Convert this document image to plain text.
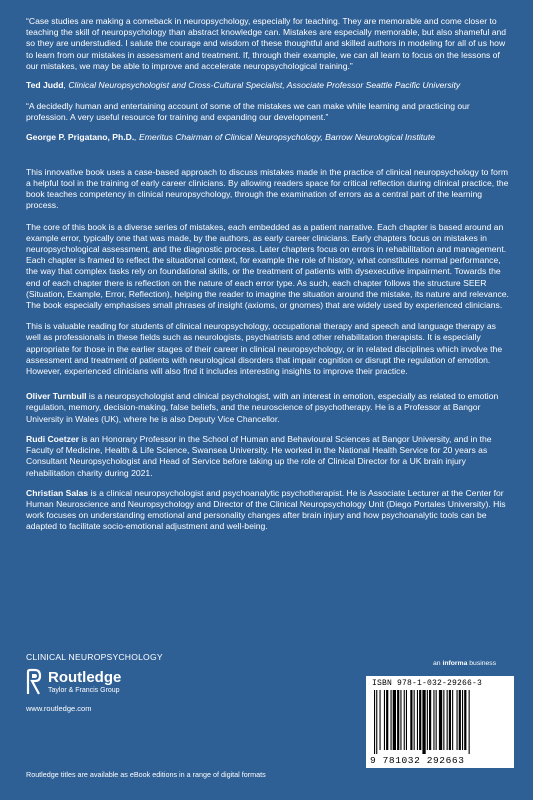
“Case studies are making a comeback in neuropsychology, especially for teaching. They are memorable and come closer to teaching the skill of neuropsychology than abstract knowledge can. Mistakes are especially memorable, but also shameful and so they are understudied. I salute the courage and wisdom of these thoughtful and skilled authors in modeling for all of us how to learn from our mistakes in assessment and treatment. If, through their example, we can all learn to focus on the lessons of our mistakes, we may be able to improve and accelerate neuropsychological training.”
Ted Judd, Clinical Neuropsychologist and Cross-Cultural Specialist, Associate Professor Seattle Pacific University
“A decidedly human and entertaining account of some of the mistakes we can make while learning and practicing our profession. A very useful resource for training and expanding our development.”
George P. Prigatano, Ph.D., Emeritus Chairman of Clinical Neuropsychology, Barrow Neurological Institute
This innovative book uses a case-based approach to discuss mistakes made in the practice of clinical neuropsychology to form a helpful tool in the training of early career clinicians. By allowing readers space for critical reflection during clinical practice, the book teaches competency in clinical neuropsychology, through the examination of errors as a central part of the learning process.
The core of this book is a diverse series of mistakes, each embedded as a patient narrative. Each chapter is based around an example error, typically one that was made, by the authors, as early career clinicians. Early chapters focus on mistakes in neuropsychological assessment, and the diagnostic process. Later chapters focus on errors in rehabilitation and management. Each chapter is framed to reflect the situational context, for example the role of history, what constitutes normal performance, the way that complex tasks rely on foundational skills, or the treatment of patients with dysexecutive impairment. Towards the end of each chapter there is reflection on the nature of each error type. As such, each chapter follows the structure SEER (Situation, Example, Error, Reflection), helping the reader to imagine the situation around the mistake, its nature and relevance. The book especially emphasises small phrases of insight (axioms, or gnomes) that are widely used by experienced clinicians.
This is valuable reading for students of clinical neuropsychology, occupational therapy and speech and language therapy as well as professionals in these fields such as neurologists, psychiatrists and other rehabilitation therapists. It is especially appropriate for those in the earlier stages of their career in clinical neuropsychology, or in related disciplines which involve the assessment and treatment of patients with neurological disorders that impair cognition or disrupt the regulation of emotion. However, experienced clinicians will also find it includes interesting insights to improve their practice.
Oliver Turnbull is a neuropsychologist and clinical psychologist, with an interest in emotion, especially as related to emotion regulation, memory, decision-making, false beliefs, and the neuroscience of psychotherapy. He is a Professor at Bangor University in Wales (UK), where he is also Deputy Vice Chancellor.
Rudi Coetzer is an Honorary Professor in the School of Human and Behavioural Sciences at Bangor University, and in the Faculty of Medicine, Health & Life Science, Swansea University. He worked in the National Health Service for 20 years as Consultant Neuropsychologist and Head of Service before taking up the role of Clinical Director for a UK brain injury rehabilitation charity during 2021.
Christian Salas is a clinical neuropsychologist and psychoanalytic psychotherapist. He is Associate Lecturer at the Center for Human Neuroscience and Neuropsychology and Director of the Clinical Neuropsychology Unit (Diego Portales University). His work focuses on understanding emotional and personality changes after brain injury and how psychoanalytic tools can be adapted to facilitate socio-emotional adjustment and well-being.
CLINICAL NEUROPSYCHOLOGY
Routledge
Taylor & Francis Group
www.routledge.com
Routledge titles are available as eBook editions in a range of digital formats
an informa business
ISBN 978-1-032-29266-3
9 781032 292663
